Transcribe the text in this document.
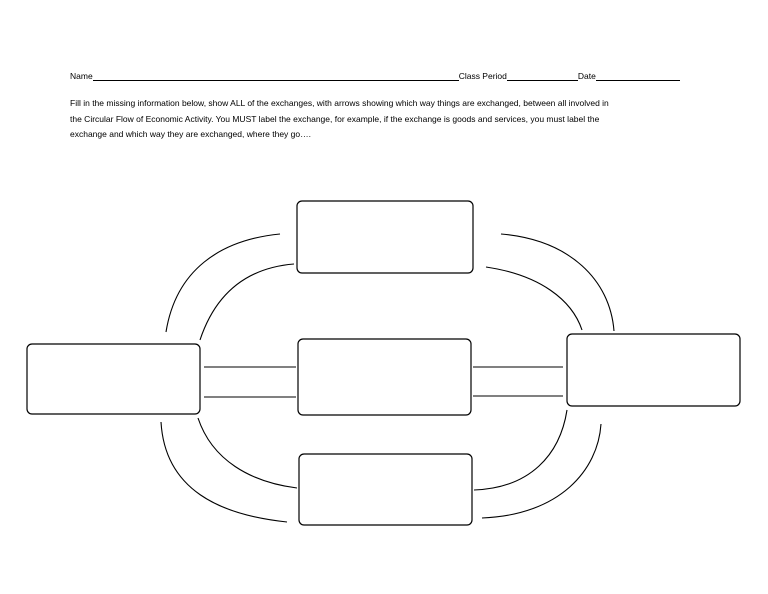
Name	Class Period	Date
Fill in the missing information below, show ALL of the exchanges, with arrows showing which way things are exchanged, between all involved in
the Circular Flow of Economic Activity. You MUST label the exchange, for example, if the exchange is goods and services, you must label the
exchange and which way they are exchanged, where they go….
